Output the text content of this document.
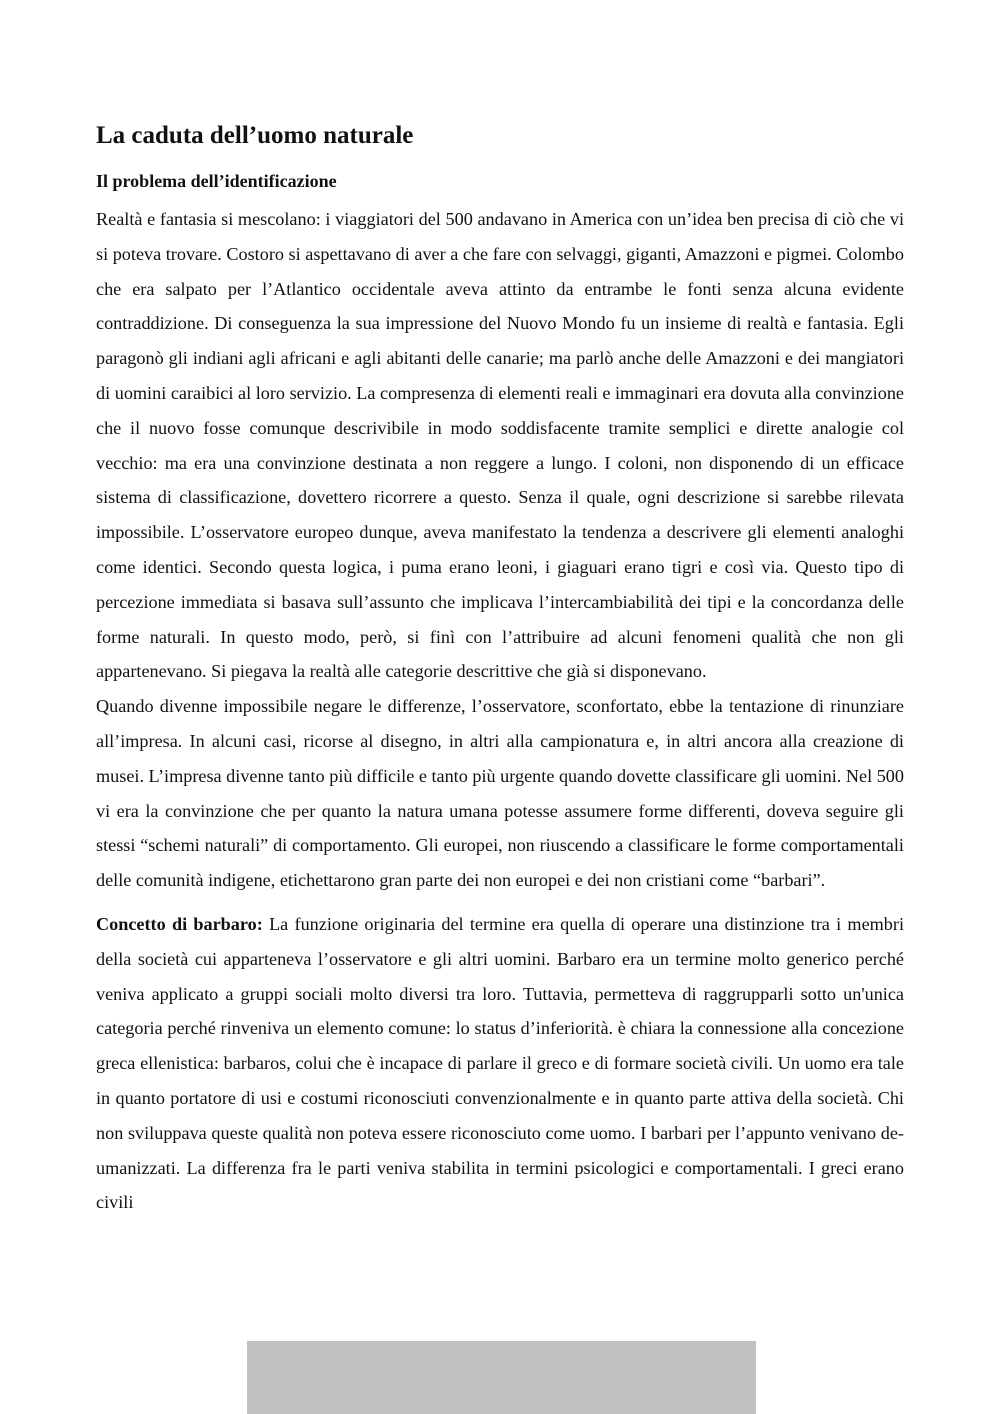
La caduta dell’uomo naturale
Il problema dell’identificazione

Realtà e fantasia si mescolano: i viaggiatori del 500 andavano in America con un’idea ben precisa di ciò che vi si poteva trovare. Costoro si aspettavano di aver a che fare con selvaggi, giganti, Amazzoni e pigmei. Colombo che era salpato per l’Atlantico occidentale aveva attinto da entrambe le fonti senza alcuna evidente contraddizione. Di conseguenza la sua impressione del Nuovo Mondo fu un insieme di realtà e fantasia. Egli paragonò gli indiani agli africani e agli abitanti delle canarie; ma parlò anche delle Amazzoni e dei mangiatori di uomini caraibici al loro servizio. La compresenza di elementi reali e immaginari era dovuta alla convinzione che il nuovo fosse comunque descrivibile in modo soddisfacente tramite semplici e dirette analogie col vecchio: ma era una convinzione destinata a non reggere a lungo. I coloni, non disponendo di un efficace sistema di classificazione, dovettero ricorrere a questo. Senza il quale, ogni descrizione si sarebbe rilevata impossibile. L’osservatore europeo dunque, aveva manifestato la tendenza a descrivere gli elementi analoghi come identici. Secondo questa logica, i puma erano leoni, i giaguari erano tigri e così via. Questo tipo di percezione immediata si basava sull’assunto che implicava l’intercambiabilità dei tipi e la concordanza delle forme naturali. In questo modo, però, si finì con l’attribuire ad alcuni fenomeni qualità che non gli appartenevano. Si piegava la realtà alle categorie descrittive che già si disponevano.

Quando divenne impossibile negare le differenze, l’osservatore, sconfortato, ebbe la tentazione di rinunziare all’impresa. In alcuni casi, ricorse al disegno, in altri alla campionatura e, in altri ancora alla creazione di musei. L’impresa divenne tanto più difficile e tanto più urgente quando dovette classificare gli uomini. Nel 500 vi era la convinzione che per quanto la natura umana potesse assumere forme differenti, doveva seguire gli stessi “schemi naturali” di comportamento. Gli europei, non riuscendo a classificare le forme comportamentali delle comunità indigene, etichettarono gran parte dei non europei e dei non cristiani come “barbari”.

Concetto di barbaro: La funzione originaria del termine era quella di operare una distinzione tra i membri della società cui apparteneva l’osservatore e gli altri uomini. Barbaro era un termine molto generico perché veniva applicato a gruppi sociali molto diversi tra loro. Tuttavia, permetteva di raggrupparli sotto un'unica categoria perché rinveniva un elemento comune: lo status d’inferiorità. è chiara la connessione alla concezione greca ellenistica: barbaros, colui che è incapace di parlare il greco e di formare società civili. Un uomo era tale in quanto portatore di usi e costumi riconosciuti convenzionalmente e in quanto parte attiva della società. Chi non sviluppava queste qualità non poteva essere riconosciuto come uomo. I barbari per l’appunto venivano de-umanizzati. La differenza fra le parti veniva stabilita in termini psicologici e comportamentali. I greci erano civili
